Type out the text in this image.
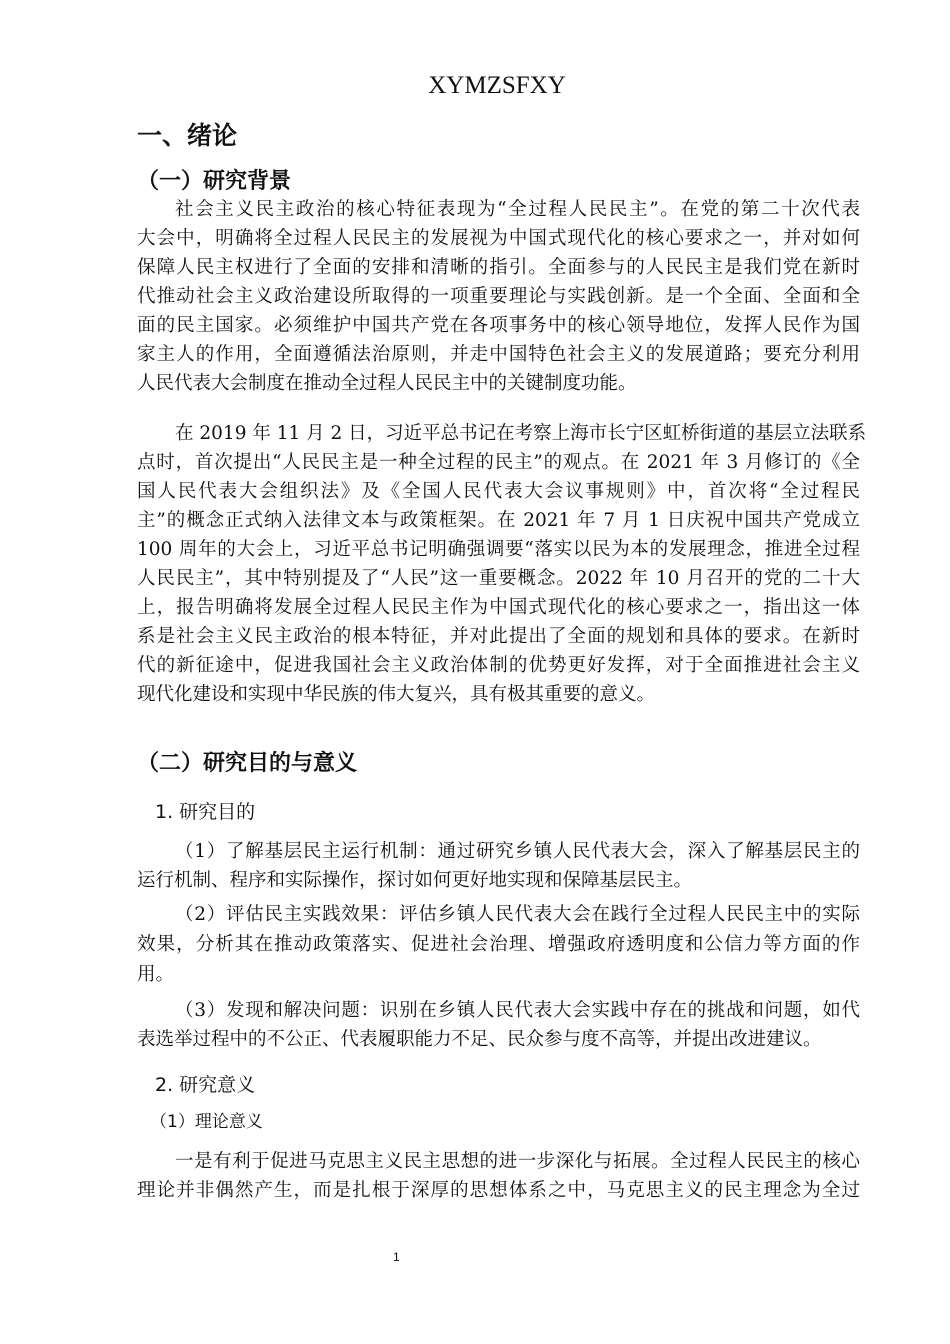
XYMZSFXY
一、绪论
（一）研究背景
社会主义民主政治的核心特征表现为“全过程人民民主”。在党的第二十次代表
大会中，明确将全过程人民民主的发展视为中国式现代化的核心要求之一，并对如何
保障人民主权进行了全面的安排和清晰的指引。全面参与的人民民主是我们党在新时
代推动社会主义政治建设所取得的一项重要理论与实践创新。是一个全面、全面和全
面的民主国家。必须维护中国共产党在各项事务中的核心领导地位，发挥人民作为国
家主人的作用，全面遵循法治原则，并走中国特色社会主义的发展道路；要充分利用
人民代表大会制度在推动全过程人民民主中的关键制度功能。
在 2019 年 11 月 2 日，习近平总书记在考察上海市长宁区虹桥街道的基层立法联系
点时，首次提出“人民民主是一种全过程的民主”的观点。在 2021 年 3 月修订的《全
国人民代表大会组织法》及《全国人民代表大会议事规则》中，首次将“全过程民
主”的概念正式纳入法律文本与政策框架。在 2021 年 7 月 1 日庆祝中国共产党成立
100 周年的大会上，习近平总书记明确强调要“落实以民为本的发展理念，推进全过程
人民民主”，其中特别提及了“人民”这一重要概念。2022 年 10 月召开的党的二十大
上，报告明确将发展全过程人民民主作为中国式现代化的核心要求之一，指出这一体
系是社会主义民主政治的根本特征，并对此提出了全面的规划和具体的要求。在新时
代的新征途中，促进我国社会主义政治体制的优势更好发挥，对于全面推进社会主义
现代化建设和实现中华民族的伟大复兴，具有极其重要的意义。
（二）研究目的与意义
1. 研究目的
（1）了解基层民主运行机制：通过研究乡镇人民代表大会，深入了解基层民主的
运行机制、程序和实际操作，探讨如何更好地实现和保障基层民主。
（2）评估民主实践效果：评估乡镇人民代表大会在践行全过程人民民主中的实际
效果，分析其在推动政策落实、促进社会治理、增强政府透明度和公信力等方面的作
用。
（3）发现和解决问题：识别在乡镇人民代表大会实践中存在的挑战和问题，如代
表选举过程中的不公正、代表履职能力不足、民众参与度不高等，并提出改进建议。
2. 研究意义
（1）理论意义
一是有利于促进马克思主义民主思想的进一步深化与拓展。全过程人民民主的核心
理论并非偶然产生，而是扎根于深厚的思想体系之中，马克思主义的民主理念为全过
1
